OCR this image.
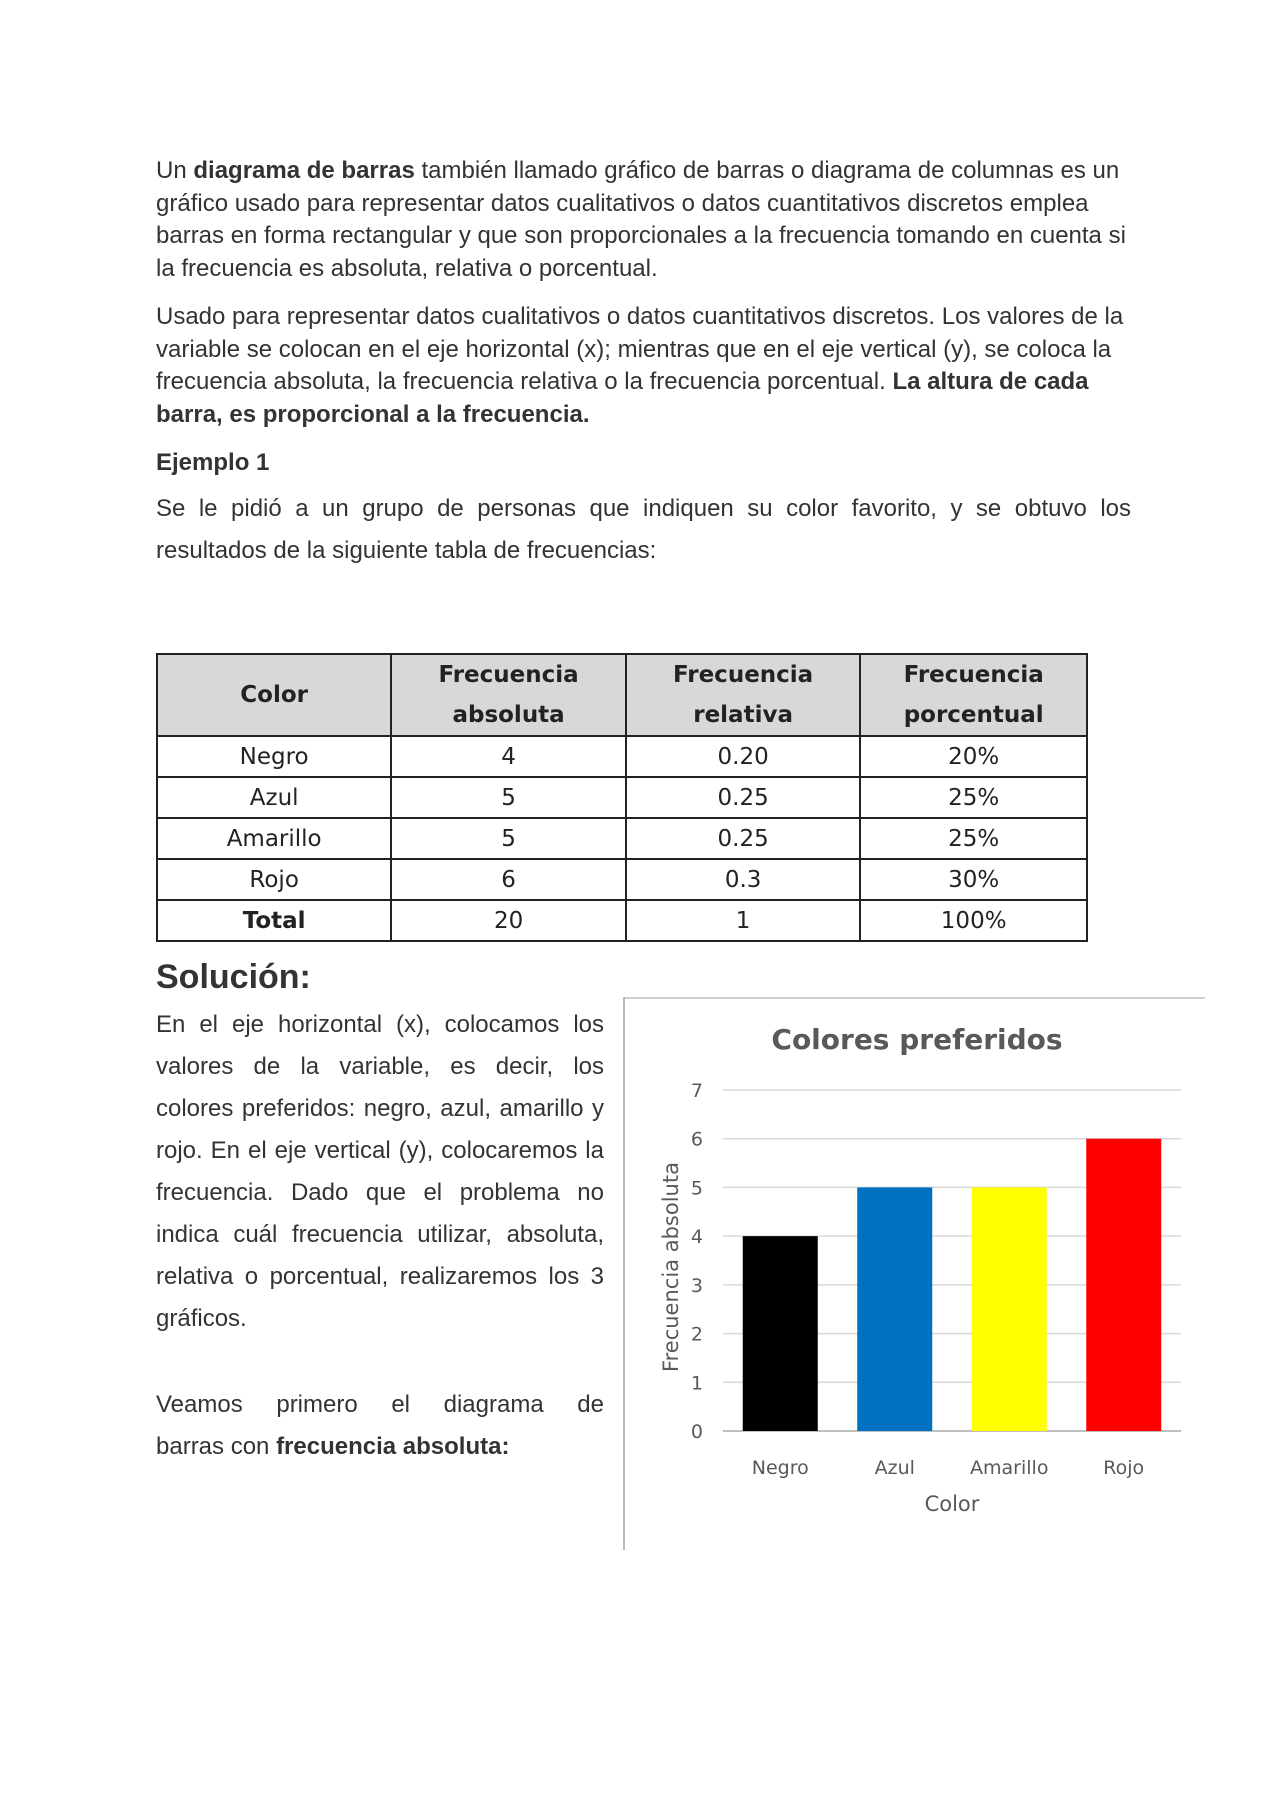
Un diagrama de barras también llamado gráfico de barras o diagrama de columnas es un gráfico usado para representar datos cualitativos o datos cuantitativos discretos emplea barras en forma rectangular y que son proporcionales a la frecuencia tomando en cuenta si la frecuencia es absoluta, relativa o porcentual.

Usado para representar datos cualitativos o datos cuantitativos discretos. Los valores de la variable se colocan en el eje horizontal (x); mientras que en el eje vertical (y), se coloca la frecuencia absoluta, la frecuencia relativa o la frecuencia porcentual. La altura de cada barra, es proporcional a la frecuencia.

Ejemplo 1

Se le pidió a un grupo de personas que indiquen su color favorito, y se obtuvo los
resultados de la siguiente tabla de frecuencias:

Color	Frecuencia absoluta	Frecuencia relativa	Frecuencia porcentual
Negro	4	0.20	20%
Azul	5	0.25	25%
Amarillo	5	0.25	25%
Rojo	6	0.3	30%
Total	20	1	100%

Solución:

En el eje horizontal (x), colocamos los valores de la variable, es decir, los colores preferidos: negro, azul, amarillo y rojo. En el eje vertical (y), colocaremos la frecuencia. Dado que el problema no indica cuál frecuencia utilizar, absoluta, relativa o porcentual, realizaremos los 3 gráficos.

Veamos primero el diagrama de
barras con frecuencia absoluta:

Colores preferidos
0
1
2
3
4
5
6
7
Negro	Azul	Amarillo	Rojo
Color
Frecuencia absoluta
